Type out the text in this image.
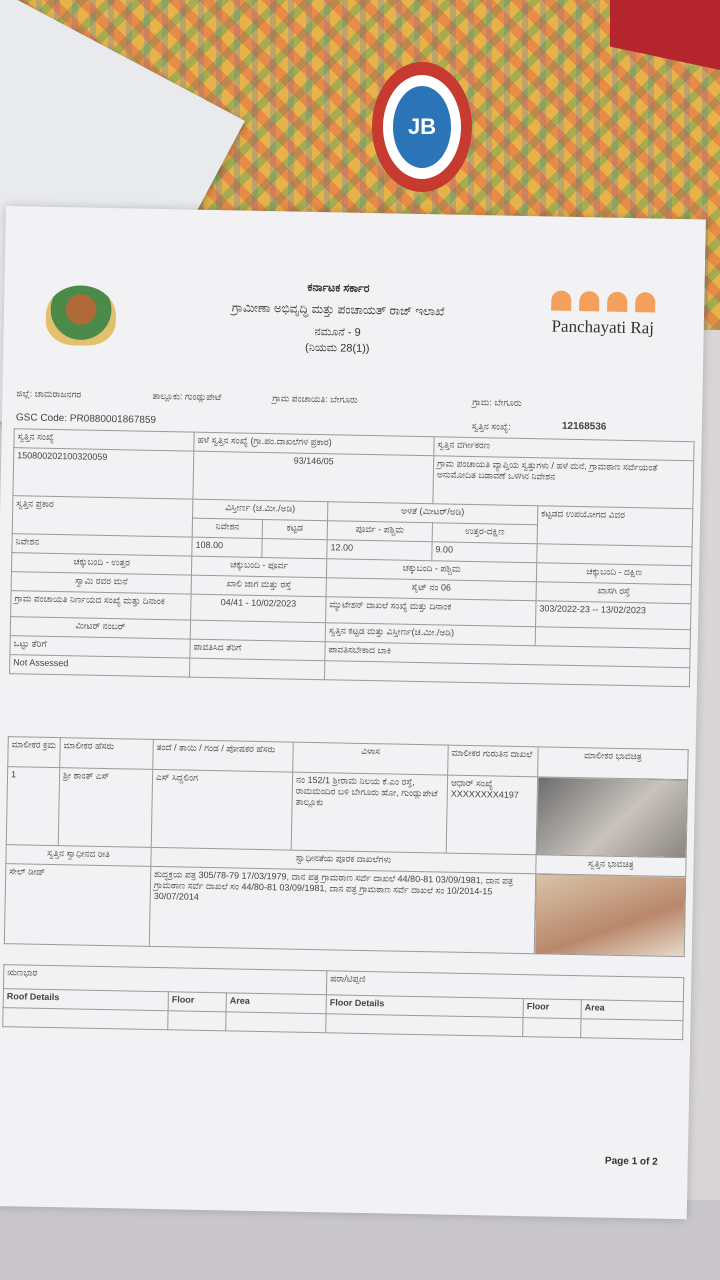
JB
ಕರ್ನಾಟಕ ಸರ್ಕಾರ
ಗ್ರಾಮೀಣಾ ಅಭಿವೃದ್ಧಿ ಮತ್ತು ಪಂಚಾಯತ್ ರಾಜ್ ಇಲಾಖೆ
ನಮೂನೆ - 9
(ನಿಯಮ 28(1))
Panchayati Raj
ಜಿಲ್ಲೆ: ಚಾಮರಾಜನಗರ	ತಾಲ್ಲೂಕು: ಗುಂಡ್ಲುಪೇಟೆ	ಗ್ರಾಮ ಪಂಚಾಯತಿ: ಬೇಗೂರು	ಗ್ರಾಮ: ಬೇಗೂರು
GSC Code: PR0880001867859
ಸ್ವತ್ತಿನ ಸಂಖ್ಯೆ:	12168536
ಸ್ವತ್ತಿನ ಸಂಖ್ಯೆ	ಹಳೆ ಸ್ವತ್ತಿನ ಸಂಖ್ಯೆ (ಗ್ರಾ.ಪಂ.ದಾಖಲೆಗಳ ಪ್ರಕಾರ)			ಸ್ವತ್ತಿನ ವರ್ಗೀಕರಣ	
150800202100320059	93/146/05			ಗ್ರಾಮ ಪಂಚಾಯತಿ ವ್ಯಾಪ್ತಿಯ ಸ್ವತ್ತುಗಳು / ಹಳೆ ಮನೆ, ಗ್ರಾಮಠಾಣ ಸರ್ವೆಯಂತೆ ಅನುಮೋದಿತ ಬಡಾವಣೆ ಒಳಗಿನ ನಿವೇಶನ	
ಸ್ವತ್ತಿನ ಪ್ರಕಾರ	ವಿಸ್ತೀರ್ಣ (ಚ.ಮೀ./ಅಡಿ)		ಅಳತೆ (ಮೀಟರ್/ಅಡಿ)		ಕಟ್ಟಡದ ಉಪಯೋಗದ ವಿವರ
	ನಿವೇಶನ	ಕಟ್ಟಡ	ಪೂರ್ವ - ಪಶ್ಚಿಮ	ಉತ್ತರ-ದಕ್ಷಿಣ	
ನಿವೇಶನ	108.00		12.00	9.00	
ಚಕ್ಕುಬಂದಿ - ಉತ್ತರ	ಚಕ್ಕುಬಂದಿ - ಪೂರ್ವ		ಚಕ್ಕುಬಂದಿ - ಪಶ್ಚಿಮ		ಚಕ್ಕುಬಂದಿ - ದಕ್ಷಿಣ
ಸ್ವಾಮಿ ರವರ ಮನೆ	ಖಾಲಿ ಜಾಗ ಮತ್ತು ರಸ್ತೆ		ಸೈಟ್ ನಂ 06		ಖಾಸಗಿ ರಸ್ತೆ
ಗ್ರಾಮ ಪಂಚಾಯತಿ ನಿರ್ಣಯದ ಸಂಖ್ಯೆ ಮತ್ತು ದಿನಾಂಕ	04/41 - 10/02/2023		ಮ್ಯುಟೇಶನ್ ದಾಖಲೆ ಸಂಖ್ಯೆ ಮತ್ತು ದಿನಾಂಕ		303/2022-23 -- 13/02/2023
ಮೀಟರ್ ನಂಬರ್			ಸ್ವತ್ತಿನ ಕಟ್ಟಡ ಮತ್ತು ವಿಸ್ತೀರ್ಣ(ಚ.ಮೀ./ಅಡಿ)		
ಒಟ್ಟು ತೆರಿಗೆ	ಪಾವತಿಸಿದ ತೆರಿಗೆ		ಪಾವತಿಸಬೇಕಾದ ಬಾಕಿ		
Not Assessed					
ಮಾಲೀಕರ ಕ್ರಮ	ಮಾಲೀಕರ ಹೆಸರು	ತಂದೆ / ತಾಯಿ / ಗಂಡ / ಪೋಷಕರ ಹೆಸರು	ವಿಳಾಸ	ಮಾಲೀಕರ ಗುರುತಿನ ದಾಖಲೆ	ಮಾಲೀಕರ ಭಾವಚಿತ್ರ
1	ಶ್ರೀ ಶಾಂತ್ ಎಸ್	ಎಸ್ ಸಿದ್ದಲಿಂಗ	ನಂ 152/1 ಶ್ರೀರಾಮ ನಿಲಯ ಕೆ.ಎಂ ರಸ್ತೆ, ರಾಮಮಂದಿರ ಬಳಿ ಬೇಗೂರು ಹೋ, ಗುಂಡ್ಲುಪೇಟೆ ತಾಲ್ಲೂಕು	ಆಧಾರ್ ಸಂಖ್ಯೆ XXXXXXXX4197	
ಸ್ವತ್ತಿನ ಸ್ವಾಧೀನದ ರೀತಿ		ಸ್ವಾಧೀನತೆಯ ಪೂರಕ ದಾಖಲೆಗಳು			ಸ್ವತ್ತಿನ ಭಾವಚಿತ್ರ
ಸೇಲ್ ಡೀಡ್		ಶುದ್ಧಕ್ರಯ ಪತ್ರ 305/78-79 17/03/1979, ದಾನ ಪತ್ರ ಗ್ರಾಮಠಾಣ ಸರ್ವೆ ದಾಖಲೆ 44/80-81 03/09/1981, ದಾನ ಪತ್ರ ಗ್ರಾಮಠಾಣ ಸರ್ವೆ ದಾಖಲೆ ಸಂ 44/80-81 03/09/1981, ದಾನ ಪತ್ರ ಗ್ರಾಮಠಾಣ ಸರ್ವೆ ದಾಖಲೆ ಸಂ 10/2014-15 30/07/2014			
ಋಣಭಾರ			ಷರಾ/ಟಿಪ್ಪಣಿ		
Roof Details	Floor	Area	Floor Details	Floor	Area

Page 1 of 2
